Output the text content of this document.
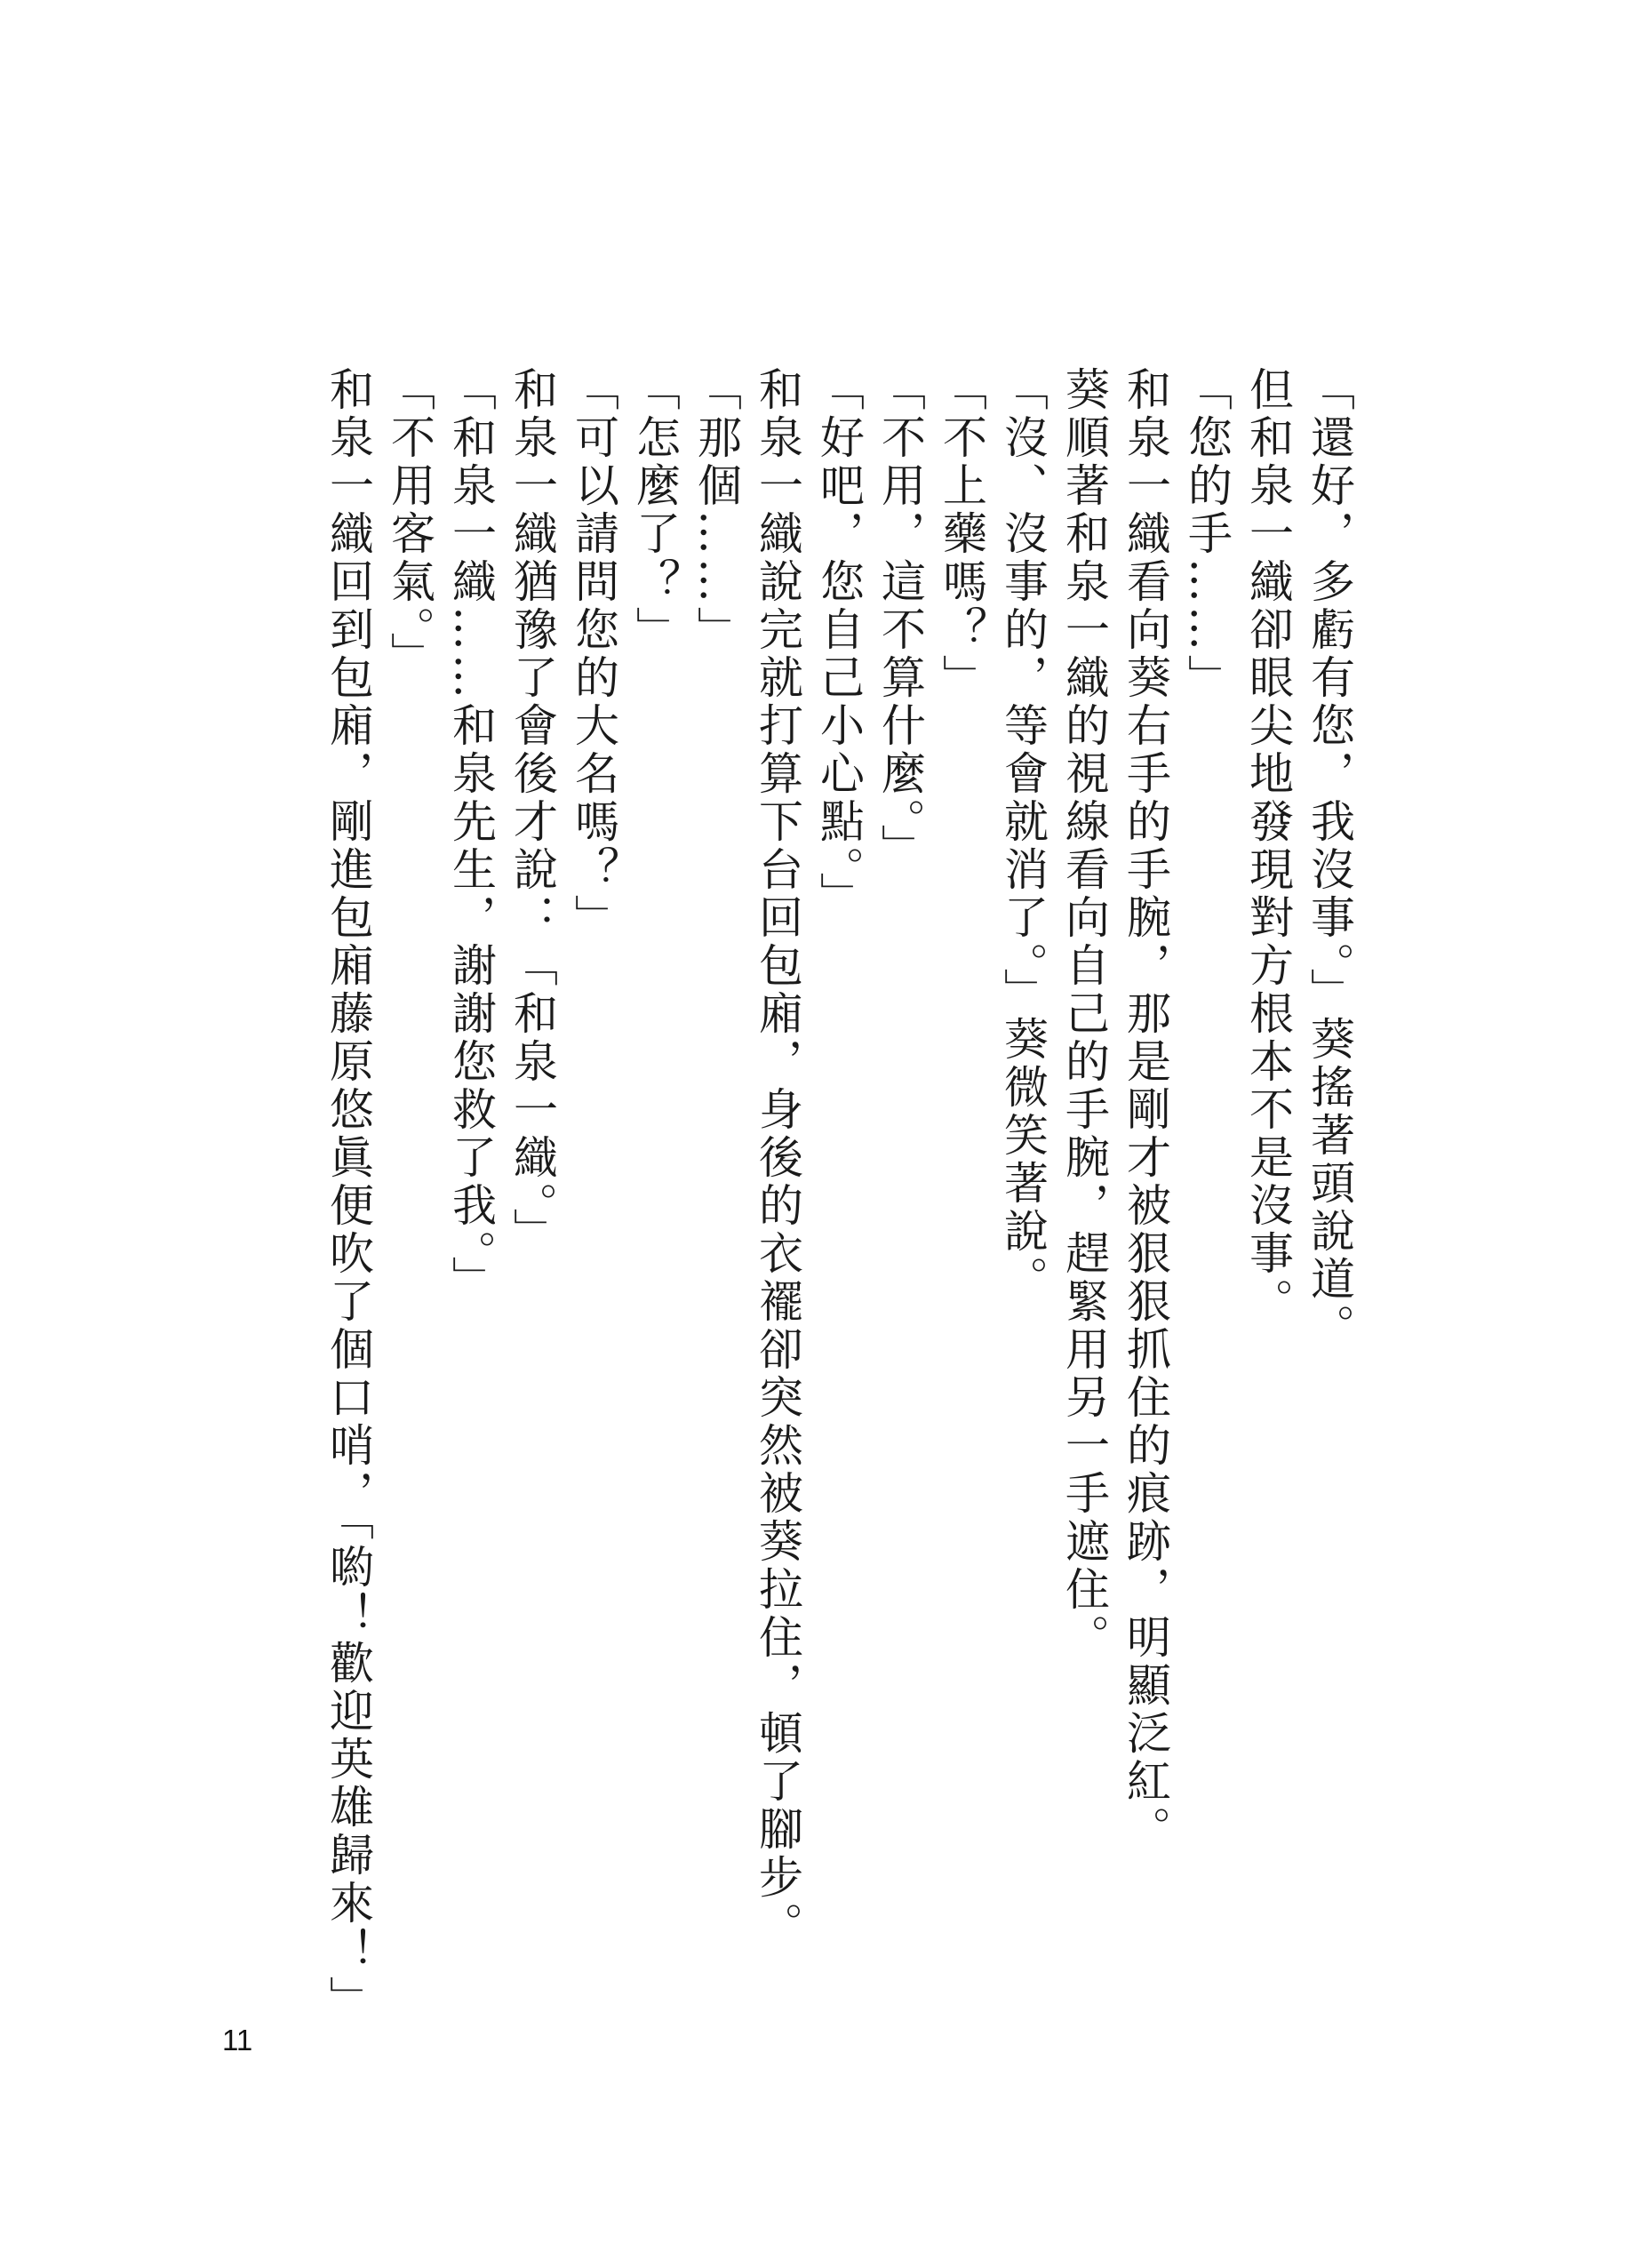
「還好，多虧有您，我沒事。」葵搖著頭說道。

但和泉一織卻眼尖地發現對方根本不是沒事。

「您的手……」

和泉一織看向葵右手的手腕，那是剛才被狠狠抓住的痕跡，明顯泛紅。

葵順著和泉一織的視線看向自己的手腕，趕緊用另一手遮住。

「沒、沒事的，等會就消了。」葵微笑著說。

「不上藥嗎？」

「不用，這不算什麼。」

「好吧，您自己小心點。」

和泉一織說完就打算下台回包廂，身後的衣襬卻突然被葵拉住，頓了腳步。

「那個……」

「怎麼了？」

「可以請問您的大名嗎？」

和泉一織猶豫了會後才說：「和泉一織。」

「和泉一織……和泉先生，謝謝您救了我。」

「不用客氣。」

和泉一織回到包廂，剛進包廂藤原悠眞便吹了個口哨，「喲！歡迎英雄歸來！」

11
